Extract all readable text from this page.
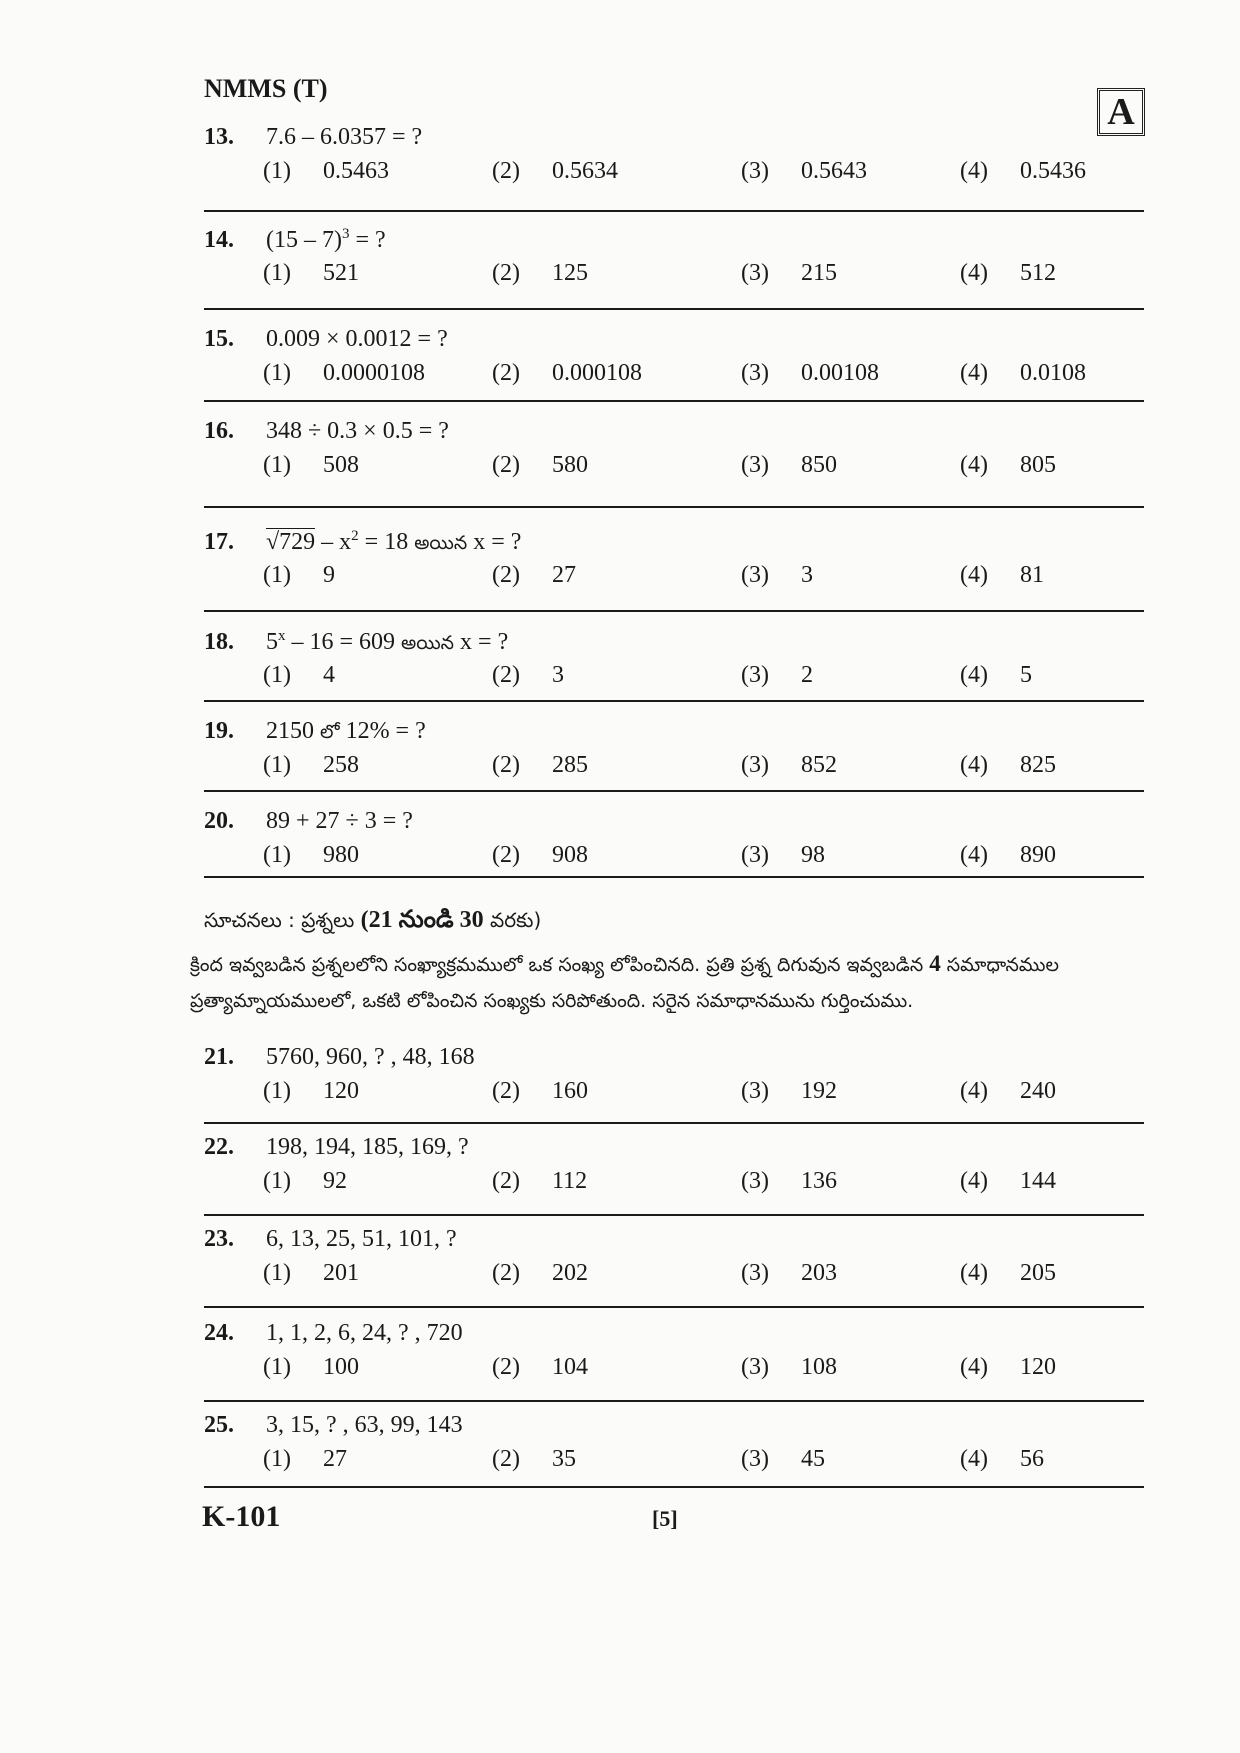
NMMS (T)
A
13.	7.6 – 6.0357 = ?
(1)	0.5463	(2)	0.5634	(3)	0.5643	(4)	0.5436
14.	(15 – 7)$^3$ = ?
(1)	521	(2)	125	(3)	215	(4)	512
15.	0.009 × 0.0012 = ?
(1)	0.0000108	(2)	0.000108	(3)	0.00108	(4)	0.0108
16.	348 ÷ 0.3 × 0.5 = ?
(1)	508	(2)	580	(3)	850	(4)	805
17.	$√729 - x^2 = 18$ అయిన x = ?
(1)	9	(2)	27	(3)	3	(4)	81
18.	5$^x$ – 16 = 609 అయిన x = ?
(1)	4	(2)	3	(3)	2	(4)	5
19.	2150 లో 12% = ?
(1)	258	(2)	285	(3)	852	(4)	825
20.	89 + 27 ÷ 3 = ?
(1)	980	(2)	908	(3)	98	(4)	890
సూచనలు : ప్రశ్నలు (21 నుండి 30 వరకు)
క్రింద ఇవ్వబడిన ప్రశ్నలలోని సంఖ్యాక్రమములో ఒక సంఖ్య లోపించినది. ప్రతి ప్రశ్న దిగువున ఇవ్వబడిన 4 సమాధానముల
ప్రత్యామ్నాయములలో, ఒకటి లోపించిన సంఖ్యకు సరిపోతుంది. సరైన సమాధానమును గుర్తించుము.
21.	5760, 960, ? , 48, 168
(1)	120	(2)	160	(3)	192	(4)	240
22.	198, 194, 185, 169, ?
(1)	92	(2)	112	(3)	136	(4)	144
23.	6, 13, 25, 51, 101, ?
(1)	201	(2)	202	(3)	203	(4)	205
24.	1, 1, 2, 6, 24, ? , 720
(1)	100	(2)	104	(3)	108	(4)	120
25.	3, 15, ? , 63, 99, 143
(1)	27	(2)	35	(3)	45	(4)	56
K-101	[5]
